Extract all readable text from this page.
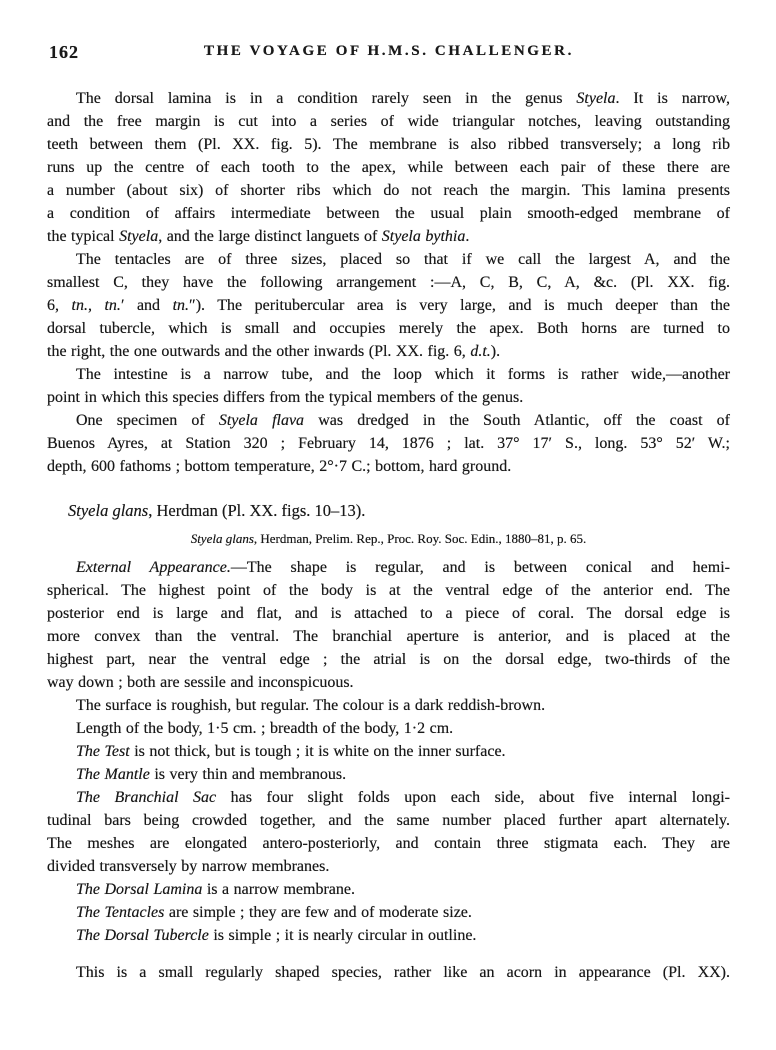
162	THE VOYAGE OF H.M.S. CHALLENGER.
The dorsal lamina is in a condition rarely seen in the genus Styela. It is narrow,
and the free margin is cut into a series of wide triangular notches, leaving outstanding
teeth between them (Pl. XX. fig. 5). The membrane is also ribbed transversely; a long rib
runs up the centre of each tooth to the apex, while between each pair of these there are
a number (about six) of shorter ribs which do not reach the margin. This lamina presents
a condition of affairs intermediate between the usual plain smooth-edged membrane of
the typical Styela, and the large distinct languets of Styela bythia.
The tentacles are of three sizes, placed so that if we call the largest A, and the
smallest C, they have the following arrangement :—A, C, B, C, A, &c. (Pl. XX. fig.
6, tn., tn.′ and tn.″). The peritubercular area is very large, and is much deeper than the
dorsal tubercle, which is small and occupies merely the apex. Both horns are turned to
the right, the one outwards and the other inwards (Pl. XX. fig. 6, d.t.).
The intestine is a narrow tube, and the loop which it forms is rather wide,—another
point in which this species differs from the typical members of the genus.
One specimen of Styela flava was dredged in the South Atlantic, off the coast of
Buenos Ayres, at Station 320 ; February 14, 1876 ; lat. 37° 17′ S., long. 53° 52′ W.;
depth, 600 fathoms ; bottom temperature, 2°·7 C.; bottom, hard ground.
Styela glans, Herdman (Pl. XX. figs. 10–13).
Styela glans, Herdman, Prelim. Rep., Proc. Roy. Soc. Edin., 1880–81, p. 65.
External Appearance.—The shape is regular, and is between conical and hemi-
spherical. The highest point of the body is at the ventral edge of the anterior end. The
posterior end is large and flat, and is attached to a piece of coral. The dorsal edge is
more convex than the ventral. The branchial aperture is anterior, and is placed at the
highest part, near the ventral edge ; the atrial is on the dorsal edge, two-thirds of the
way down ; both are sessile and inconspicuous.
The surface is roughish, but regular. The colour is a dark reddish-brown.
Length of the body, 1·5 cm. ; breadth of the body, 1·2 cm.
The Test is not thick, but is tough ; it is white on the inner surface.
The Mantle is very thin and membranous.
The Branchial Sac has four slight folds upon each side, about five internal longi-
tudinal bars being crowded together, and the same number placed further apart alternately.
The meshes are elongated antero-posteriorly, and contain three stigmata each. They are
divided transversely by narrow membranes.
The Dorsal Lamina is a narrow membrane.
The Tentacles are simple ; they are few and of moderate size.
The Dorsal Tubercle is simple ; it is nearly circular in outline.
This is a small regularly shaped species, rather like an acorn in appearance (Pl. XX).
